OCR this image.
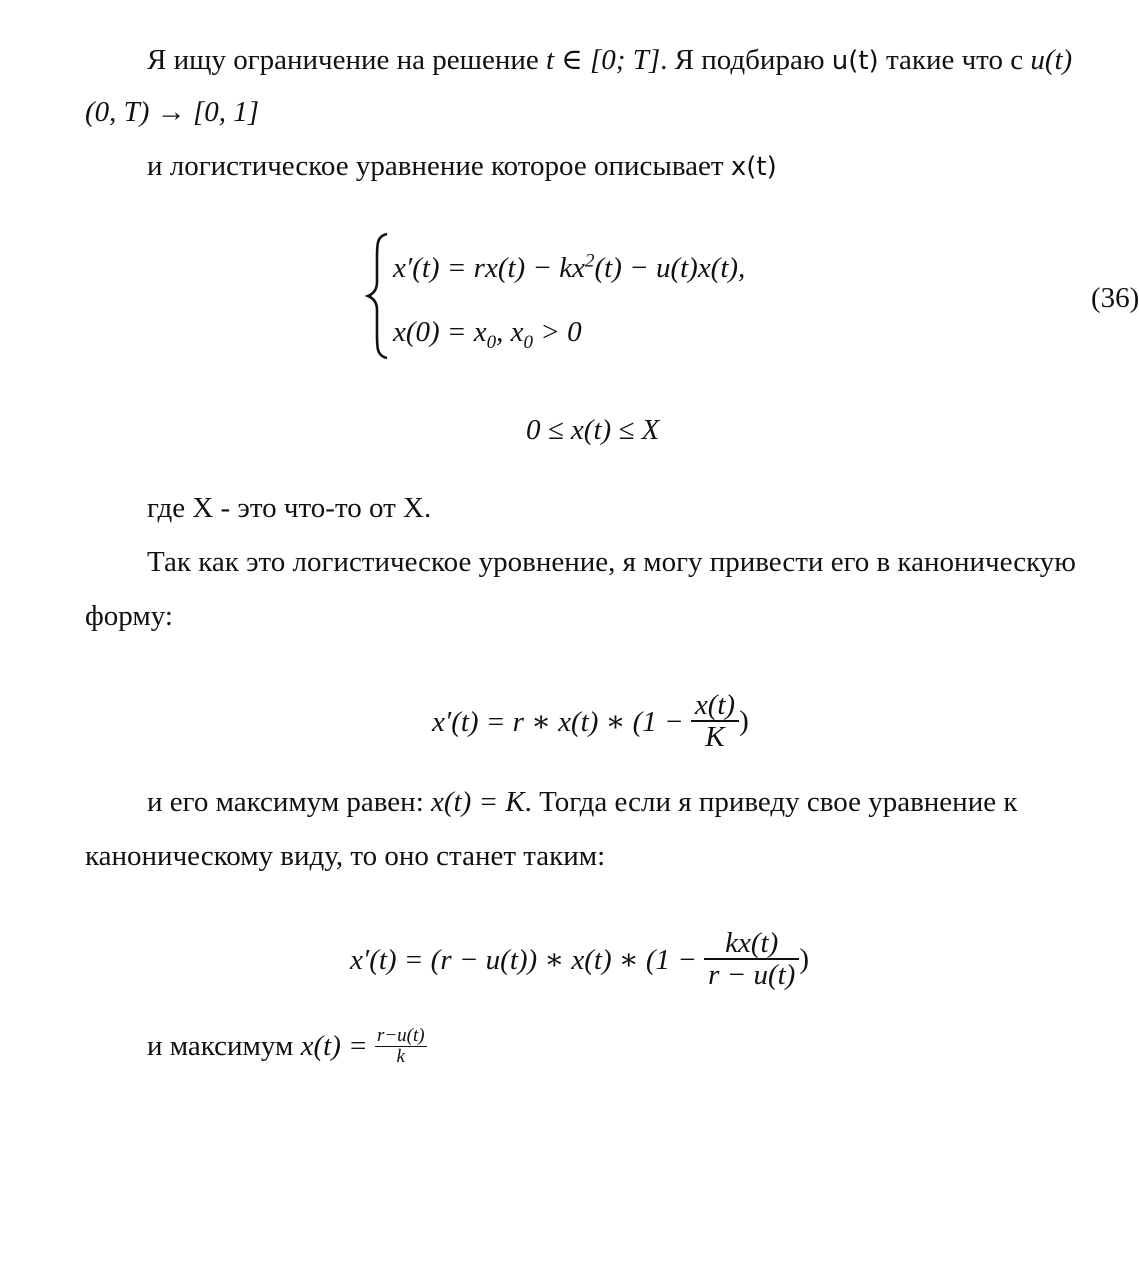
Я ищу ограничение на решение t ∈ [0; T]. Я подбираю u(t) такие что с u(t)
(0, T) → [0, 1]
и логистическое уравнение которое описывает x(t)
$x'(t) = rx(t) - kx^2(t) - u(t)x(t)$,
$x(0) = x_0$, $x_0 > 0$
(36)
0 ≤ x(t) ≤ X
где X - это что-то от X.
Так как это логистическое уровнение, я могу привести его в каноническую
форму:
x′(t) = r ∗ x(t) ∗ ($1 - \frac{x(t)}{K}$ )
и его максимум равен: x(t) = K. Тогда если я приведу свое уравнение к
каноническому виду, то оно станет таким:
x′(t) = (r − u(t)) ∗ x(t) ∗ ($1 - \frac{kx(t)}{r - u(t)}$ )
и максимум $x(t) = \frac{r-u(t)}{k}$
